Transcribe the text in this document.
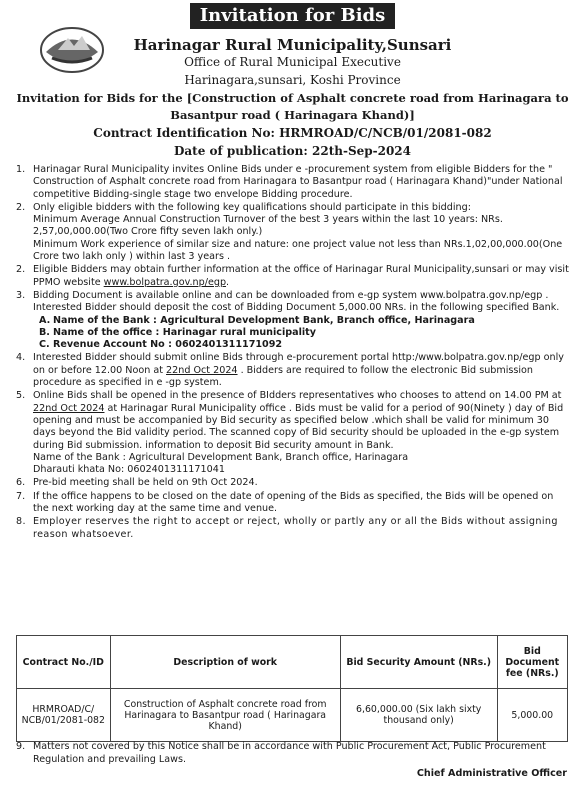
Invitation for Bids
Harinagar Rural Municipality,Sunsari
Office of Rural Municipal Executive
Harinagara,sunsari, Koshi Province
Invitation for Bids for the [Construction of Asphalt concrete road from Harinagara to Basantpur road ( Harinagara Khand)]
Contract Identification No: HRMROAD/C/NCB/01/2081-082
Date of publication: 22th-Sep-2024
1. Harinagar Rural Municipality invites Online Bids under e -procurement system from eligible Bidders for the " Construction of Asphalt concrete road from Harinagara to Basantpur road ( Harinagara Khand)"under National competitive Bidding-single stage two envelope Bidding procedure.
2. Only eligible bidders with the following key qualifications should participate in this bidding:
Minimum Average Annual Construction Turnover of the best 3 years within the last 10 years: NRs. 2,57,00,000.00(Two Crore fifty seven lakh only.)
Minimum Work experience of similar size and nature: one project value not less than NRs.1,02,00,000.00(One Crore two lakh only ) within last 3 years .
2. Eligible Bidders may obtain further information at the office of Harinagar Rural Municipality,sunsari or may visit PPMO website www.bolpatra.gov.np/egp.
3. Bidding Document is available online and can be downloaded from e-gp system www.bolpatra.gov.np/egp . Interested Bidder should deposit the cost of Bidding Document 5,000.00 NRs. in the following specified Bank.
A. Name of the Bank : Agricultural Development Bank, Branch office, Harinagara
B. Name of the office : Harinagar rural municipality
C. Revenue Account No : 0602401311171092
4. Interested Bidder should submit online Bids through e-procurement portal http:/www.bolpatra.gov.np/egp only on or before 12.00 Noon at 22nd Oct 2024 . Bidders are required to follow the electronic Bid submission procedure as specified in e -gp system.
5. Online Bids shall be opened in the presence of BIdders representatives who chooses to attend on 14.00 PM at 22nd Oct 2024 at Harinagar Rural Municipality office . Bids must be valid for a period of 90(Ninety ) day of Bid opening and must be accompanied by Bid security as specified below .which shall be valid for minimum 30 days beyond the Bid validity period. The scanned copy of Bid security should be uploaded in the e-gp system during Bid submission. information to deposit Bid security amount in Bank.
Name of the Bank : Agricultural Development Bank, Branch office, Harinagara
Dharauti khata No: 0602401311171041
6. Pre-bid meeting shall be held on 9th Oct 2024.
7. If the office happens to be closed on the date of opening of the Bids as specified, the Bids will be opened on the next working day at the same time and venue.
8. Employer reserves the right to accept or reject, wholly or partly any or all the Bids without assigning reason whatsoever.
Contract No./ID	Description of work	Bid Security Amount (NRs.)	Bid Document fee (NRs.)
HRMROAD/C/ NCB/01/2081-082	Construction of Asphalt concrete road from Harinagara to Basantpur road ( Harinagara Khand)	6,60,000.00 (Six lakh sixty thousand only)	5,000.00
9. Matters not covered by this Notice shall be in accordance with Public Procurement Act, Public Procurement Regulation and prevailing Laws.
Chief Administrative Officer
